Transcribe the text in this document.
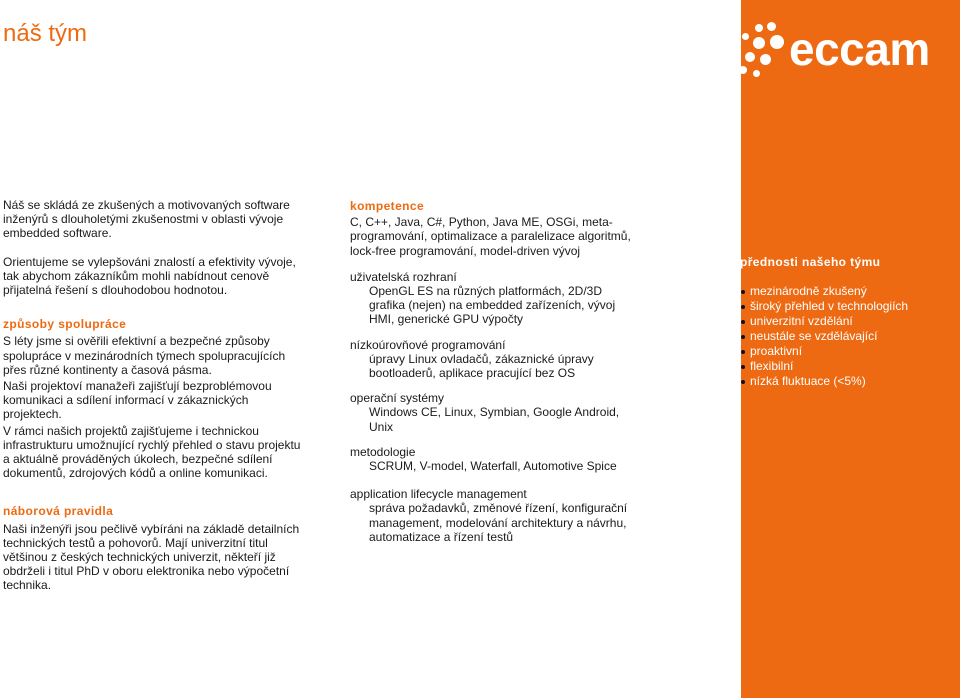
náš tým	eccam

Náš se skládá ze zkušených a motivovaných software inženýrů s dlouholetými zkušenostmi v oblasti vývoje embedded software.

Orientujeme se vylepšováni znalostí a efektivity vývoje, tak abychom zákazníkům mohli nabídnout cenově přijatelná řešení s dlouhodobou hodnotou.

způsoby spolupráce

S léty jsme si ověřili efektivní a bezpečné způsoby spolupráce v mezinárodních týmech spolupracujících přes různé kontinenty a časová pásma.

Naši projektoví manažeři zajišťují bezproblémovou komunikaci a sdílení informací v zákaznických projektech.

V rámci našich projektů zajišťujeme i technickou infrastrukturu umožnující rychlý přehled o stavu projektu a aktuálně prováděných úkolech, bezpečné sdílení dokumentů, zdrojových kódů a online komunikaci.

náborová pravidla

Naši inženýři jsou pečlivě vybíráni na základě detailních technických testů a pohovorů. Mají univerzitní titul většinou z českých technických univerzit, někteří již obdrželi i titul PhD v oboru elektronika nebo výpočetní technika.

kompetence

C, C++, Java, C#, Python, Java ME, OSGi, meta-programování, optimalizace a paralelizace algoritmů, lock-free programování, model-driven vývoj

uživatelská rozhraní

OpenGL ES na různých platformách, 2D/3D grafika (nejen) na embedded zařízeních, vývoj HMI, generické GPU výpočty

nízkoúrovňové programování

úpravy Linux ovladačů, zákaznické úpravy bootloaderů, aplikace pracující bez OS

operační systémy

Windows CE, Linux, Symbian, Google Android, Unix

metodologie

SCRUM, V-model, Waterfall, Automotive Spice

application lifecycle management

správa požadavků, změnové řízení, konfigurační management, modelování architektury a návrhu, automatizace a řízení testů

přednosti našeho týmu
mezinárodně zkušený
široký přehled v technologiích
univerzitní vzdělání
neustále se vzdělávající
proaktivní
flexibilní
nízká fluktuace (<5%)
